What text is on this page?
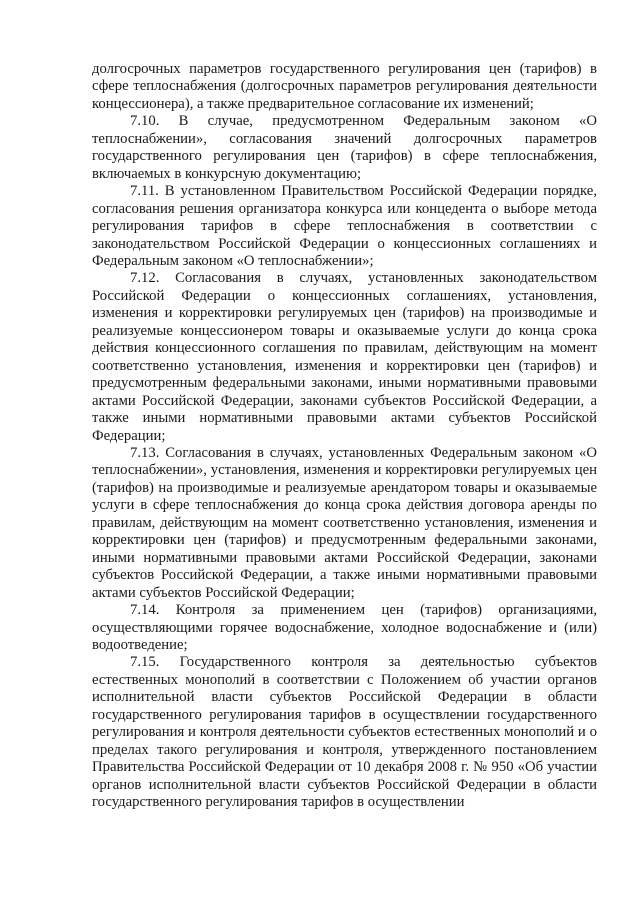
долгосрочных параметров государственного регулирования цен (тарифов) в сфере теплоснабжения (долгосрочных параметров регулирования деятельности концессионера), а также предварительное согласование их изменений;

7.10. В случае, предусмотренном Федеральным законом «О теплоснабжении», согласования значений долгосрочных параметров государственного регулирования цен (тарифов) в сфере теплоснабжения, включаемых в конкурсную документацию;

7.11. В установленном Правительством Российской Федерации порядке, согласования решения организатора конкурса или концедента о выборе метода регулирования тарифов в сфере теплоснабжения в соответствии с законодательством Российской Федерации о концессионных соглашениях и Федеральным законом «О теплоснабжении»;

7.12. Согласования в случаях, установленных законодательством Российской Федерации о концессионных соглашениях, установления, изменения и корректировки регулируемых цен (тарифов) на производимые и реализуемые концессионером товары и оказываемые услуги до конца срока действия концессионного соглашения по правилам, действующим на момент соответственно установления, изменения и корректировки цен (тарифов) и предусмотренным федеральными законами, иными нормативными правовыми актами Российской Федерации, законами субъектов Российской Федерации, а также иными нормативными правовыми актами субъектов Российской Федерации;

7.13. Согласования в случаях, установленных Федеральным законом «О теплоснабжении», установления, изменения и корректировки регулируемых цен (тарифов) на производимые и реализуемые арендатором товары и оказываемые услуги в сфере теплоснабжения до конца срока действия договора аренды по правилам, действующим на момент соответственно установления, изменения и корректировки цен (тарифов) и предусмотренным федеральными законами, иными нормативными правовыми актами Российской Федерации, законами субъектов Российской Федерации, а также иными нормативными правовыми актами субъектов Российской Федерации;

7.14. Контроля за применением цен (тарифов) организациями, осуществляющими горячее водоснабжение, холодное водоснабжение и (или) водоотведение;

7.15. Государственного контроля за деятельностью субъектов естественных монополий в соответствии с Положением об участии органов исполнительной власти субъектов Российской Федерации в области государственного регулирования тарифов в осуществлении государственного регулирования и контроля деятельности субъектов естественных монополий и о пределах такого регулирования и контроля, утвержденного постановлением Правительства Российской Федерации от 10 декабря 2008 г. № 950 «Об участии органов исполнительной власти субъектов Российской Федерации в области государственного регулирования тарифов в осуществлении
